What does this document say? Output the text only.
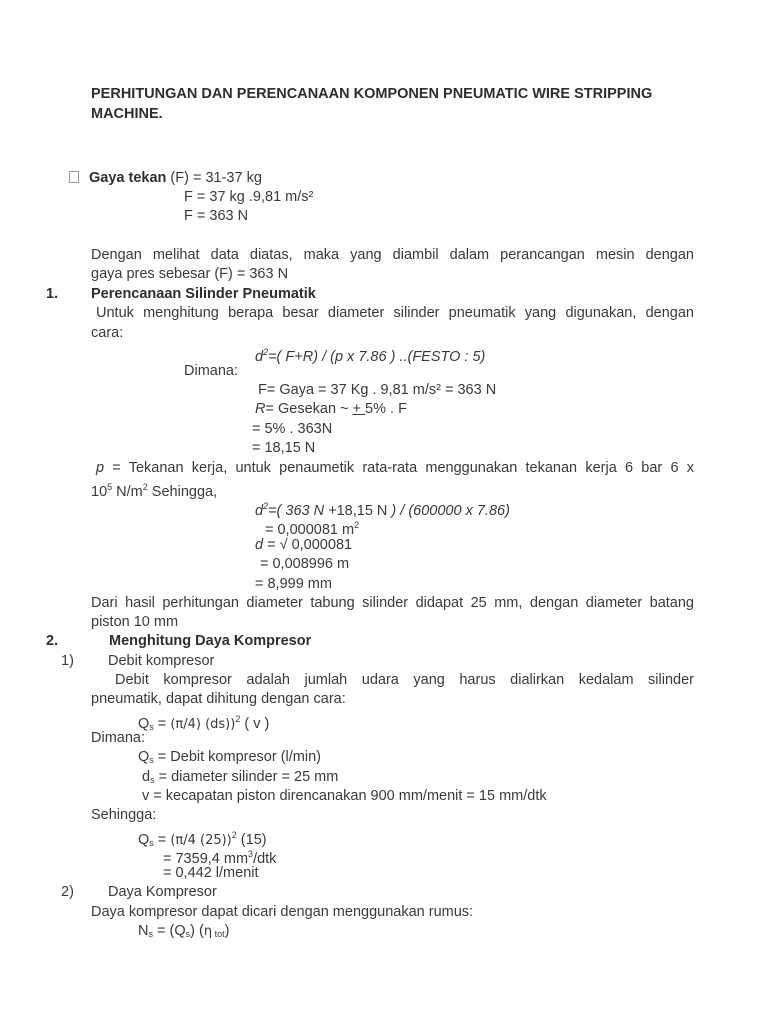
PERHITUNGAN DAN PERENCANAAN KOMPONEN PNEUMATIC WIRE STRIPPING
MACHINE.
Gaya tekan (F) = 31-37 kg
F = 37 kg .9,81 m/s²
F = 363 N
Dengan melihat data diatas, maka yang diambil dalam perancangan mesin dengan
gaya pres sebesar (F) = 363 N
1. Perencanaan Silinder Pneumatik
Untuk menghitung berapa besar diameter silinder pneumatik yang digunakan, dengan
cara:
$d^2=$( F+R) / (p x 7.86 ) ..(FESTO : 5)
Dimana:
F= Gaya = 37 Kg . 9,81 m/s² = 363 N
R= Gesekan ~ + 5% . F
= 5% . 363N
= 18,15 N
p = Tekanan kerja, untuk penaumetik rata-rata menggunakan tekanan kerja 6 bar 6 x
$10^5$ $N/m^2$ Sehingga,
$d^2=$( 363 N +18,15 N ) / (600000 x 7.86)
= 0,000081 $m^2$
d = √ 0,000081
= 0,008996 m
= 8,999 mm
Dari hasil perhitungan diameter tabung silinder didapat 25 mm, dengan diameter batang
piston 10 mm
2.	Menghitung Daya Kompresor
1) Debit kompresor
Debit kompresor adalah jumlah udara yang harus dialirkan kedalam silinder
pneumatik, dapat dihitung dengan cara:
$Q_s = (\pi/4)$ (ds))$^2$ ( v )
Dimana:
$Q_s$ = Debit kompresor (l/min)
$d_s$ = diameter silinder = 25 mm
v = kecapatan piston direncanakan 900 mm/menit = 15 mm/dtk
Sehingga:
$Q_s = (\pi/4$ (25))$^2$ (15)
= 7359,4 $mm^3$/dtk
= 0,442 l/menit
2) Daya Kompresor
Daya kompresor dapat dicari dengan menggunakan rumus:
$N_s = (Q_s)$ (η $_{tot}$)
